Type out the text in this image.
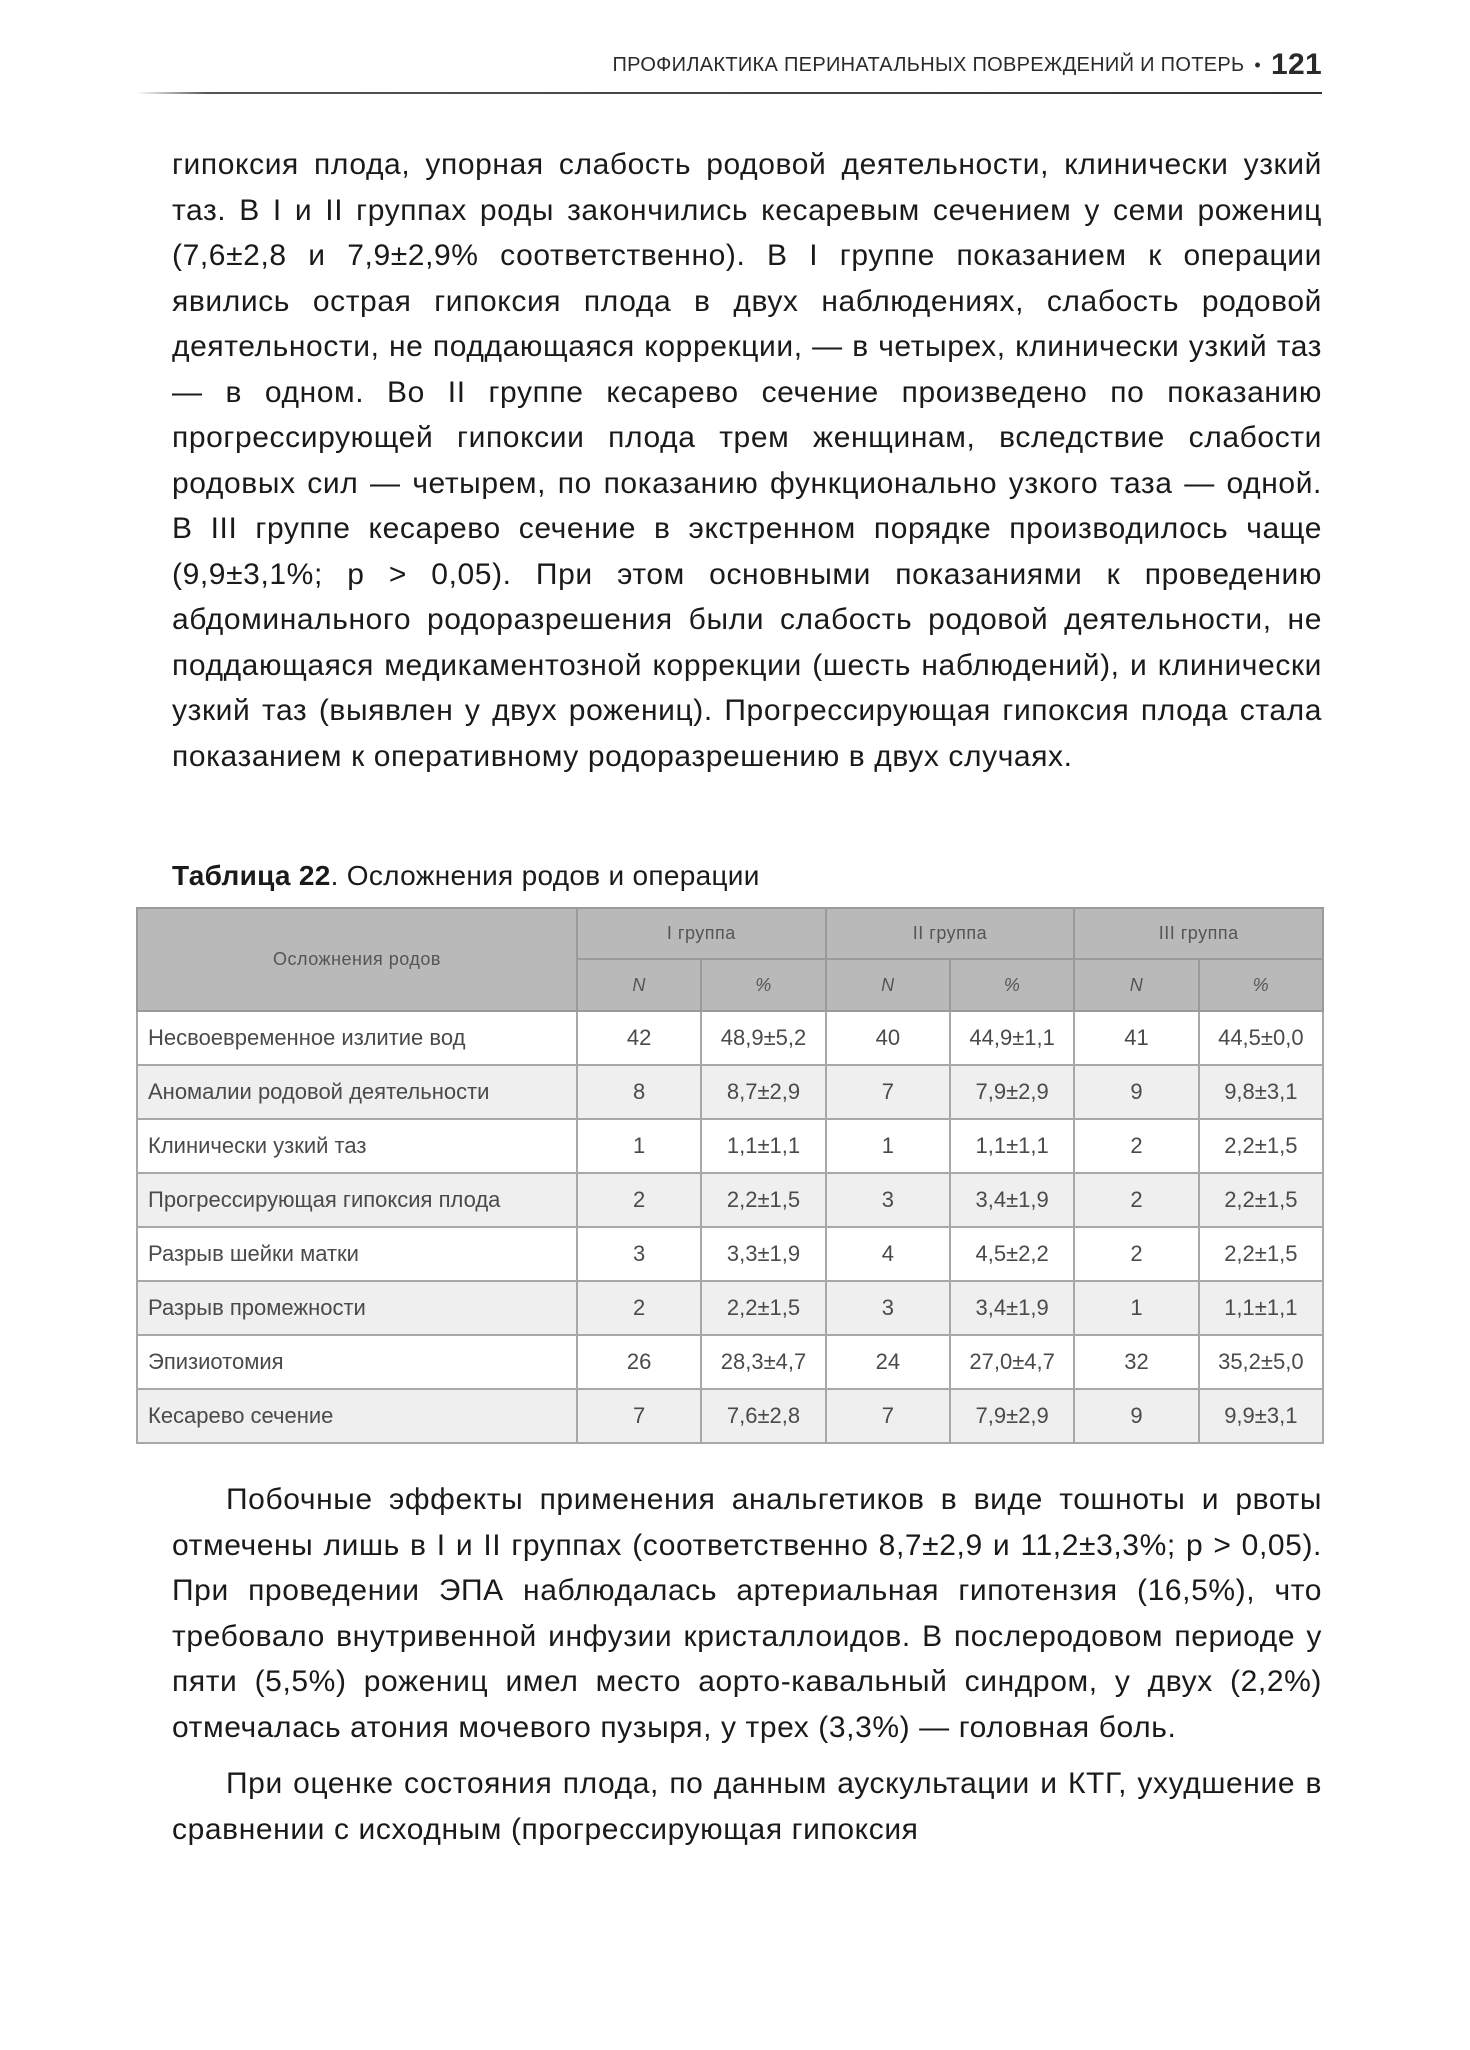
ПРОФИЛАКТИКА ПЕРИНАТАЛЬНЫХ ПОВРЕЖДЕНИЙ И ПОТЕРЬ • 121
гипоксия плода, упорная слабость родовой деятельности, клинически узкий таз. В I и II группах роды закончились кесаревым сечением у семи рожениц (7,6±2,8 и 7,9±2,9% соответственно). В I группе показанием к операции явились острая гипоксия плода в двух наблюдениях, слабость родовой деятельности, не поддающаяся коррекции, — в четырех, клинически узкий таз — в одном. Во II группе кесарево сечение произведено по показанию прогрессирующей гипоксии плода трем женщинам, вследствие слабости родовых сил — четырем, по показанию функционально узкого таза — одной. В III группе кесарево сечение в экстренном порядке производилось чаще (9,9±3,1%; p > 0,05). При этом основными показаниями к проведению абдоминального родоразрешения были слабость родовой деятельности, не поддающаяся медикаментозной коррекции (шесть наблюдений), и клинически узкий таз (выявлен у двух рожениц). Прогрессирующая гипоксия плода стала показанием к оперативному родоразрешению в двух случаях.
Таблица 22. Осложнения родов и операции
Осложнения родов	I группа		II группа		III группа	
	N	%	N	%	N	%
Несвоевременное излитие вод	42	48,9±5,2	40	44,9±1,1	41	44,5±0,0
Аномалии родовой деятельности	8	8,7±2,9	7	7,9±2,9	9	9,8±3,1
Клинически узкий таз	1	1,1±1,1	1	1,1±1,1	2	2,2±1,5
Прогрессирующая гипоксия плода	2	2,2±1,5	3	3,4±1,9	2	2,2±1,5
Разрыв шейки матки	3	3,3±1,9	4	4,5±2,2	2	2,2±1,5
Разрыв промежности	2	2,2±1,5	3	3,4±1,9	1	1,1±1,1
Эпизиотомия	26	28,3±4,7	24	27,0±4,7	32	35,2±5,0
Кесарево сечение	7	7,6±2,8	7	7,9±2,9	9	9,9±3,1
Побочные эффекты применения анальгетиков в виде тошноты и рвоты отмечены лишь в I и II группах (соответственно 8,7±2,9 и 11,2±3,3%; p > 0,05). При проведении ЭПА наблюдалась артериальная гипотензия (16,5%), что требовало внутривенной инфузии кристаллоидов. В послеродовом периоде у пяти (5,5%) рожениц имел место аорто-кавальный синдром, у двух (2,2%) отмечалась атония мочевого пузыря, у трех (3,3%) — головная боль.
При оценке состояния плода, по данным аускультации и КТГ, ухудшение в сравнении с исходным (прогрессирующая гипоксия
